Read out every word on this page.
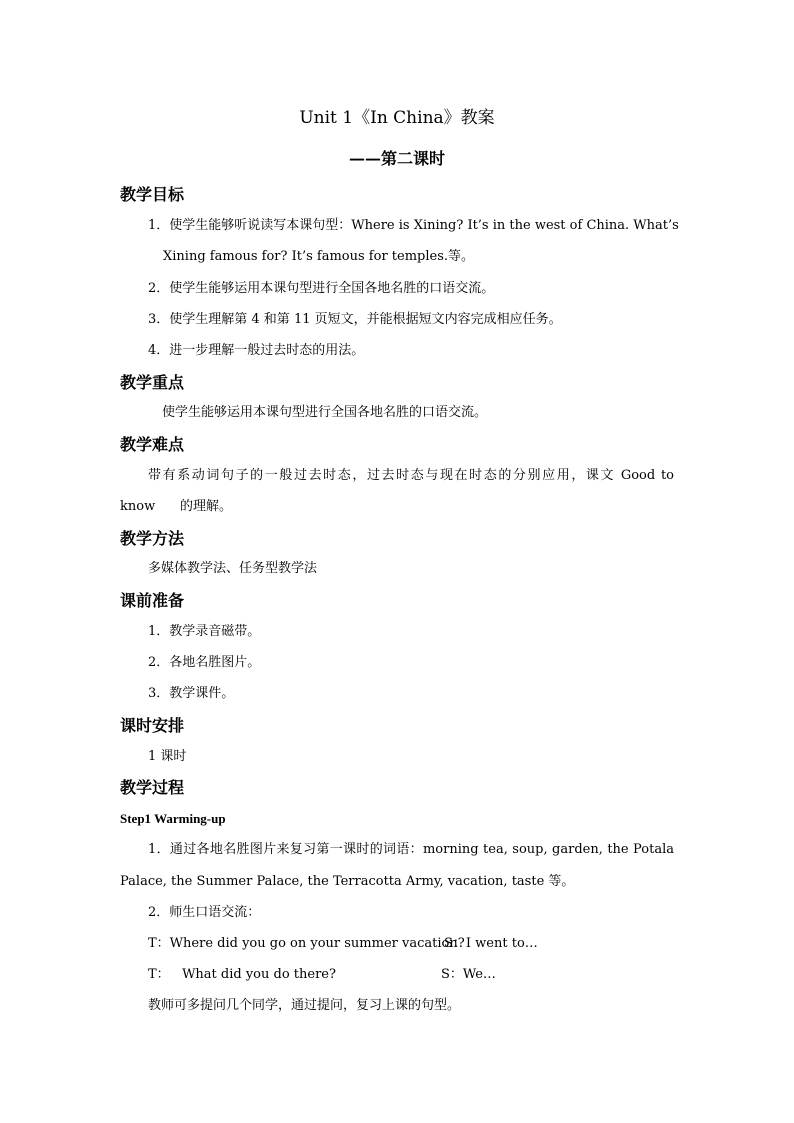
Unit 1《In China》教案
——第二课时
教学目标
1．使学生能够听说读写本课句型：Where is Xining? It’s in the west of China. What’s
Xining famous for? It’s famous for temples.等。
2．使学生能够运用本课句型进行全国各地名胜的口语交流。
3．使学生理解第 4 和第 11 页短文，并能根据短文内容完成相应任务。
4．进一步理解一般过去时态的用法。
教学重点
使学生能够运用本课句型进行全国各地名胜的口语交流。
教学难点
带有系动词句子的一般过去时态，过去时态与现在时态的分别应用，课文 Good to
know      的理解。
教学方法
多媒体教学法、任务型教学法
课前准备
1．教学录音磁带。
2．各地名胜图片。
3．教学课件。
课时安排
1 课时
教学过程
Step1 Warming-up
1．通过各地名胜图片来复习第一课时的词语：morning tea, soup, garden, the Potala
Palace, the Summer Palace, the Terracotta Army, vacation, taste 等。
2．师生口语交流：
T：Where did you go on your summer vacation?
S：I went to…
T：   What did you do there?	S：We…
教师可多提问几个同学，通过提问，复习上课的句型。
